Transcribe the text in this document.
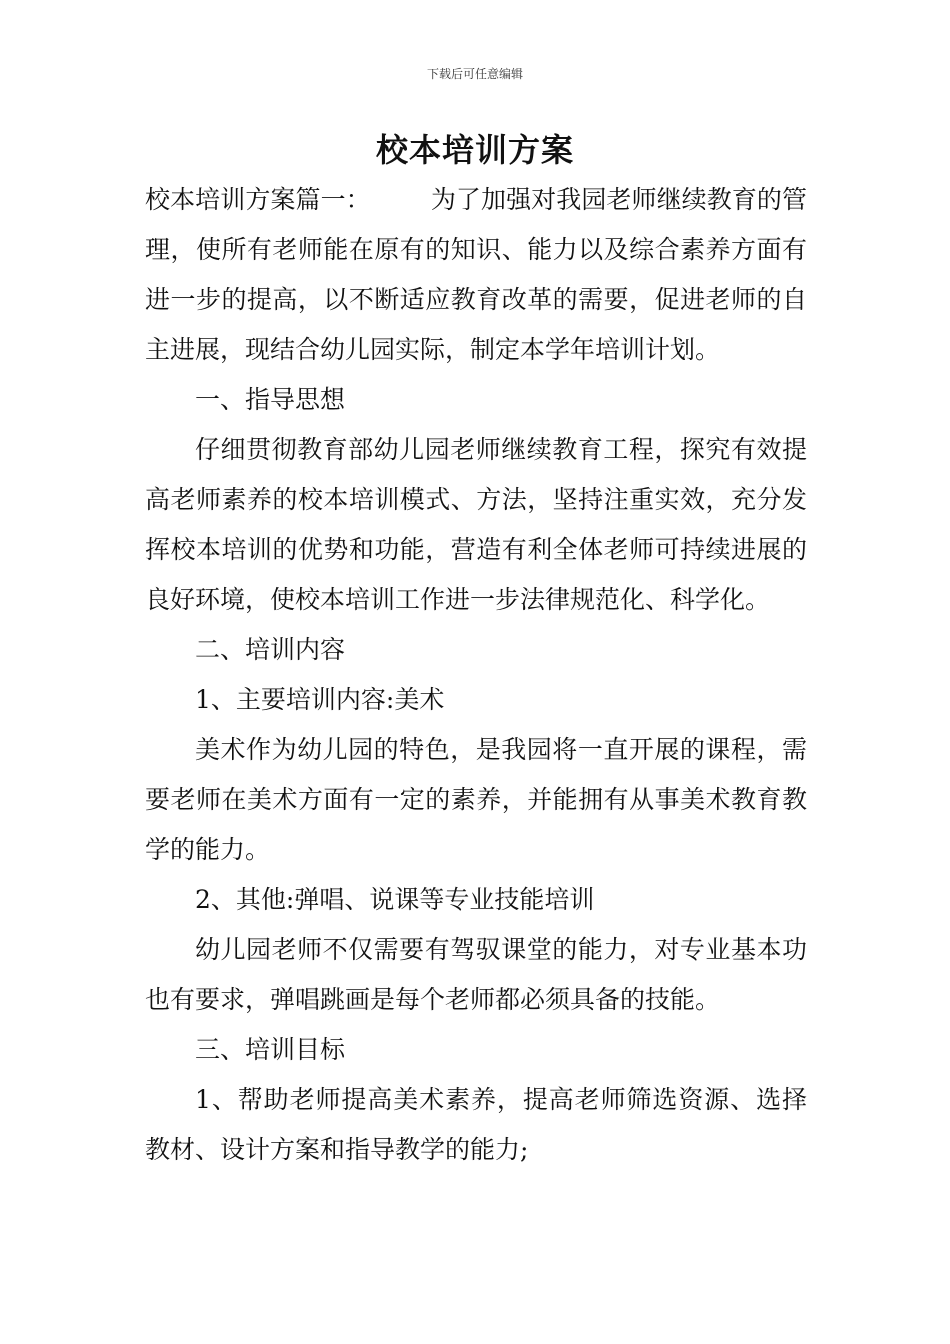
下载后可任意编辑
校本培训方案

校本培训方案篇一： 为了加强对我园老师继续教育的管理，使所有老师能在原有的知识、能力以及综合素养方面有进一步的提高，以不断适应教育改革的需要，促进老师的自主进展，现结合幼儿园实际，制定本学年培训计划。

一、指导思想

仔细贯彻教育部幼儿园老师继续教育工程，探究有效提高老师素养的校本培训模式、方法，坚持注重实效，充分发挥校本培训的优势和功能，营造有利全体老师可持续进展的良好环境，使校本培训工作进一步法律规范化、科学化。

二、培训内容

1、主要培训内容:美术

美术作为幼儿园的特色，是我园将一直开展的课程，需要老师在美术方面有一定的素养，并能拥有从事美术教育教学的能力。

2、其他:弹唱、说课等专业技能培训

幼儿园老师不仅需要有驾驭课堂的能力，对专业基本功也有要求，弹唱跳画是每个老师都必须具备的技能。

三、培训目标

1、帮助老师提高美术素养，提高老师筛选资源、选择教材、设计方案和指导教学的能力;
